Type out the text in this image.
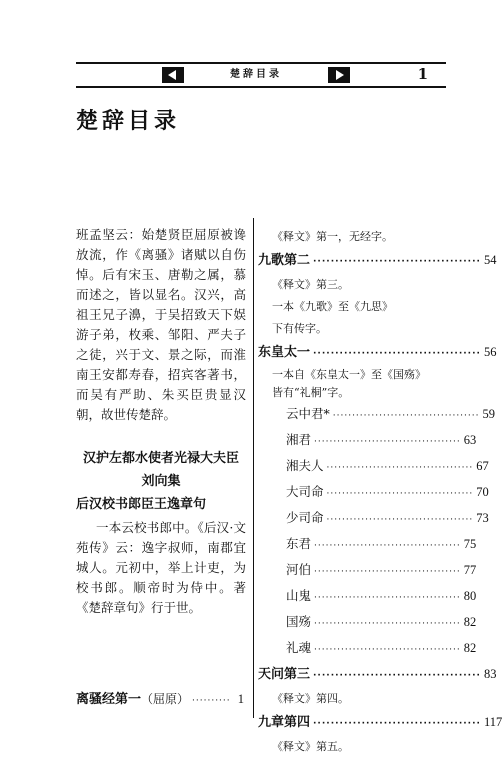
楚辞目录	1
楚辞目录

班孟坚云：始楚贤臣屈原被谗放流，作《离骚》诸赋以自伤悼。后有宋玉、唐勒之属，慕而述之，皆以显名。汉兴，高祖王兄子濞，于吴招致天下娱游子弟，枚乘、邹阳、严夫子之徒，兴于文、景之际，而淮南王安都寿春，招宾客著书，而吴有严助、朱买臣贵显汉朝，故世传楚辞。

汉护左都水使者光禄大夫臣

刘向集

后汉校书郎臣王逸章句

一本云校书郎中。《后汉·文苑传》云：逸字叔师，南郡宜城人。元初中，举上计吏，为校书郎。顺帝时为侍中。著《楚辞章句》行于世。

离骚经第一 （屈原） ·········· 1
《释文》第一，无经字。
九歌第二 ······································ 54
《释文》第三。
一本《九歌》至《九思》
下有传字。
东皇太一 ······································ 56
一本自《东皇太一》至《国殇》皆有“礼桐”字。
云中君* ······································ 59
湘君 ······································ 63
湘夫人 ······································ 67
大司命 ······································ 70
少司命 ······································ 73
东君 ······································ 75
河伯 ······································ 77
山鬼 ······································ 80
国殇 ······································ 82
礼魂 ······································ 82
天问第三 ······································ 83
《释文》第四。
九章第四 ······································ 117
《释文》第五。
